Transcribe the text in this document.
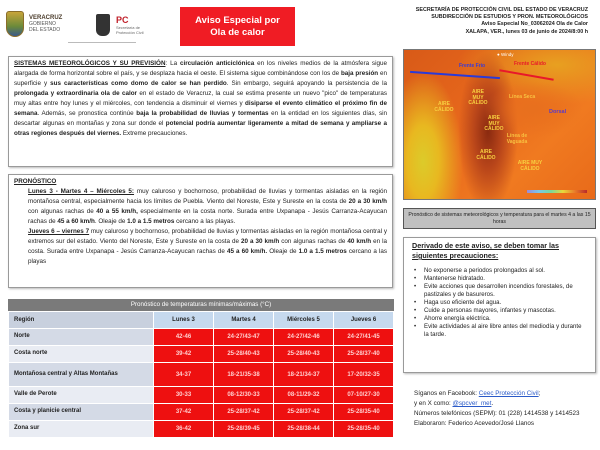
VERACRUZ
GOBIERNO
DEL ESTADO
PC
Secretaría de
Protección Civil
Aviso Especial por
Ola de calor
SECRETARÍA DE PROTECCIÓN CIVIL DEL ESTADO DE VERACRUZ
SUBDIRECCIÓN DE ESTUDIOS Y PRON. METEOROLÓGICOS
Aviso Especial No_03062024 Ola de Calor
XALAPA, VER., lunes 03 de junio de 2024/8:00 h
SISTEMAS METEOROLÓGICOS Y SU PREVISIÓN: La circulación anticiclónica en los niveles medios de la atmósfera sigue alargada de forma horizontal sobre el país, y se desplaza hacia el oeste. El sistema sigue combinándose con los de baja presión en superficie y sus características como domo de calor se han perdido. Sin embargo, seguirá apoyando la persistencia de la prolongada y extraordinaria ola de calor en el estado de Veracruz, la cual se estima presente un nuevo "pico" de temperaturas muy altas entre hoy lunes y el miércoles, con tendencia a disminuir el viernes y disiparse el evento climático el próximo fin de semana. Además, se pronostica continúe baja la probabilidad de lluvias y tormentas en la entidad en los siguientes días, sin descartar algunas en montañas y zona sur donde el potencial podría aumentar ligeramente a mitad de semana y ampliarse a otras regiones después del viernes. Extreme precauciones.
PRONÓSTICO
Lunes 3 - Martes 4 – Miércoles 5: muy caluroso y bochornoso, probabilidad de lluvias y tormentas aisladas en la región montañosa central, especialmente hacia los límites de Puebla. Viento del Noreste, Este y Sureste en la costa de 20 a 30 km/h con algunas rachas de 40 a 55 km/h, especialmente en la costa norte. Surada entre Uxpanapa - Jesús Carranza-Acayucan rachas de 45 a 60 km/h. Oleaje de 1.0 a 1.5 metros cercano a las playas.
Jueves 6 – viernes 7 muy caluroso y bochornoso, probabilidad de lluvias y tormentas aisladas en la región montañosa central y extremos sur del estado. Viento del Noreste, Este y Sureste en la costa de 20 a 30 km/h con algunas rachas de 40 km/h en la costa. Surada entre Uxpanapa - Jesús Carranza-Acayucan rachas de 45 a 60 km/h. Oleaje de 1.0 a 1.5 metros cercano a las playas
Pronóstico de temperaturas mínimas/máximas (°C)
Región	Lunes 3	Martes 4	Miércoles 5	Jueves 6
Norte	42-46	24-27/43-47	24-27/42-46	24-27/41-45
Costa norte	39-42	25-28/40-43	25-28/40-43	25-28/37-40
Montañosa central y Altas Montañas	34-37	18-21/35-38	18-21/34-37	17-20/32-35
Valle de Perote	30-33	08-12/30-33	08-11/29-32	07-10/27-30
Costa y planicie central	37-42	25-28/37-42	25-28/37-42	25-28/35-40
Zona sur	36-42	25-28/39-45	25-28/38-44	25-28/35-40
● Windy
Frente Frío	Frente Cálido
AIRE MUY CÁLIDO
AIRE CÁLIDO
Línea Seca
Dorsal
AIRE MUY CÁLIDO
Línea de Vaguada
AIRE CÁLIDO
AIRE MUY CÁLIDO
Pronóstico de sistemas meteorológicos y temperatura para el martes 4 a las 15 horas
Derivado de este aviso, se deben tomar las siguientes precauciones:
• No exponerse a periodos prolongados al sol.
• Mantenerse hidratado.
• Evite acciones que desarrollen incendios forestales, de pastizales y de basureros.
• Haga uso eficiente del agua.
• Cuide a personas mayores, infantes y mascotas.
• Ahorre energía eléctrica.
• Evite actividades al aire libre antes del mediodía y durante la tarde.
Síganos en Facebook: Ceec Protección Civil;
y en X como: @spcver_met.
Números telefónicos (SEPM): 01 (228) 1414538 y 1414523
Elaboraron: Federico Acevedo/José Llanos
